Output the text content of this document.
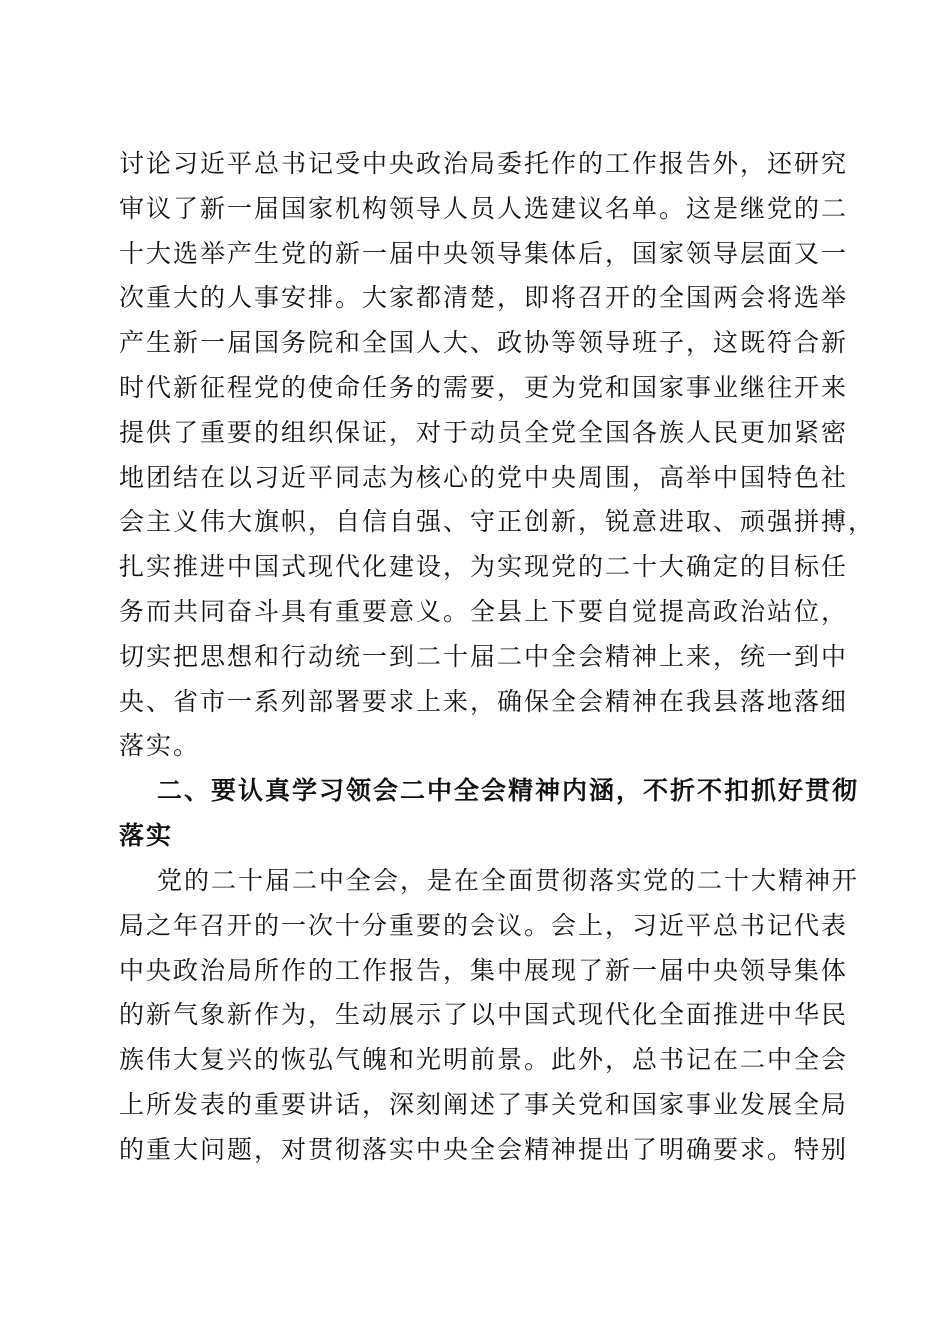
讨论习近平总书记受中央政治局委托作的工作报告外，还研究
审议了新一届国家机构领导人员人选建议名单。这是继党的二
十大选举产生党的新一届中央领导集体后，国家领导层面又一
次重大的人事安排。大家都清楚，即将召开的全国两会将选举
产生新一届国务院和全国人大、政协等领导班子，这既符合新
时代新征程党的使命任务的需要，更为党和国家事业继往开来
提供了重要的组织保证，对于动员全党全国各族人民更加紧密
地团结在以习近平同志为核心的党中央周围，高举中国特色社
会主义伟大旗帜，自信自强、守正创新，锐意进取、顽强拼搏，
扎实推进中国式现代化建设，为实现党的二十大确定的目标任
务而共同奋斗具有重要意义。全县上下要自觉提高政治站位，
切实把思想和行动统一到二十届二中全会精神上来，统一到中
央、省市一系列部署要求上来，确保全会精神在我县落地落细
落实。
二、要认真学习领会二中全会精神内涵，不折不扣抓好贯彻
落实
党的二十届二中全会，是在全面贯彻落实党的二十大精神开
局之年召开的一次十分重要的会议。会上，习近平总书记代表
中央政治局所作的工作报告，集中展现了新一届中央领导集体
的新气象新作为，生动展示了以中国式现代化全面推进中华民
族伟大复兴的恢弘气魄和光明前景。此外，总书记在二中全会
上所发表的重要讲话，深刻阐述了事关党和国家事业发展全局
的重大问题，对贯彻落实中央全会精神提出了明确要求。特别
